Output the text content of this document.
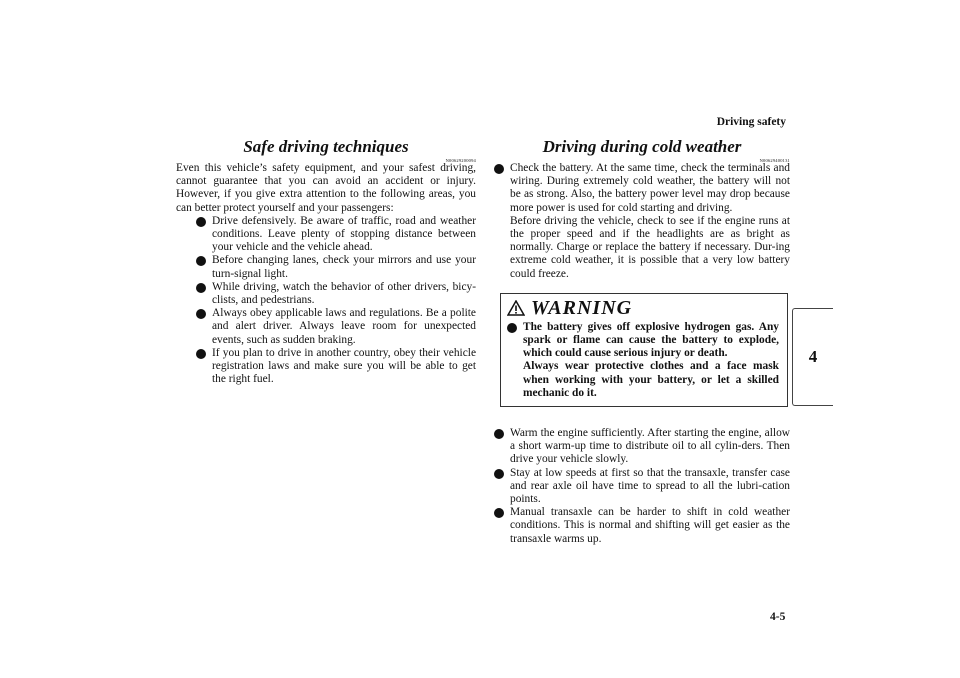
Driving safety
4
Safe driving techniques
N00629200094

Even this vehicle’s safety equipment, and your safest driving, cannot guarantee that you can avoid an accident or injury. However, if you give extra attention to the following areas, you can better protect yourself and your passengers:

Drive defensively. Be aware of traffic, road and weather conditions. Leave plenty of stopping distance between your vehicle and the vehicle ahead.
Before changing lanes, check your mirrors and use your turn-signal light.
While driving, watch the behavior of other drivers, bicy-clists, and pedestrians.
Always obey applicable laws and regulations. Be a polite and alert driver. Always leave room for unexpected events, such as sudden braking.
If you plan to drive in another country, obey their vehicle registration laws and make sure you will be able to get the right fuel.
Driving during cold weather
N00629400131

Check the battery. At the same time, check the terminals and wiring. During extremely cold weather, the battery will not be as strong. Also, the battery power level may drop because more power is used for cold starting and driving.

Before driving the vehicle, check to see if the engine runs at the proper speed and if the headlights are as bright as normally. Charge or replace the battery if necessary. Dur-ing extreme cold weather, it is possible that a very low battery could freeze.

WARNING

The battery gives off explosive hydrogen gas. Any spark or flame can cause the battery to explode, which could cause serious injury or death.

Always wear protective clothes and a face mask when working with your battery, or let a skilled mechanic do it.

Warm the engine sufficiently. After starting the engine, allow a short warm-up time to distribute oil to all cylin-ders. Then drive your vehicle slowly.
Stay at low speeds at first so that the transaxle, transfer case and rear axle oil have time to spread to all the lubri-cation points.
Manual transaxle can be harder to shift in cold weather conditions. This is normal and shifting will get easier as the transaxle warms up.
4-5
